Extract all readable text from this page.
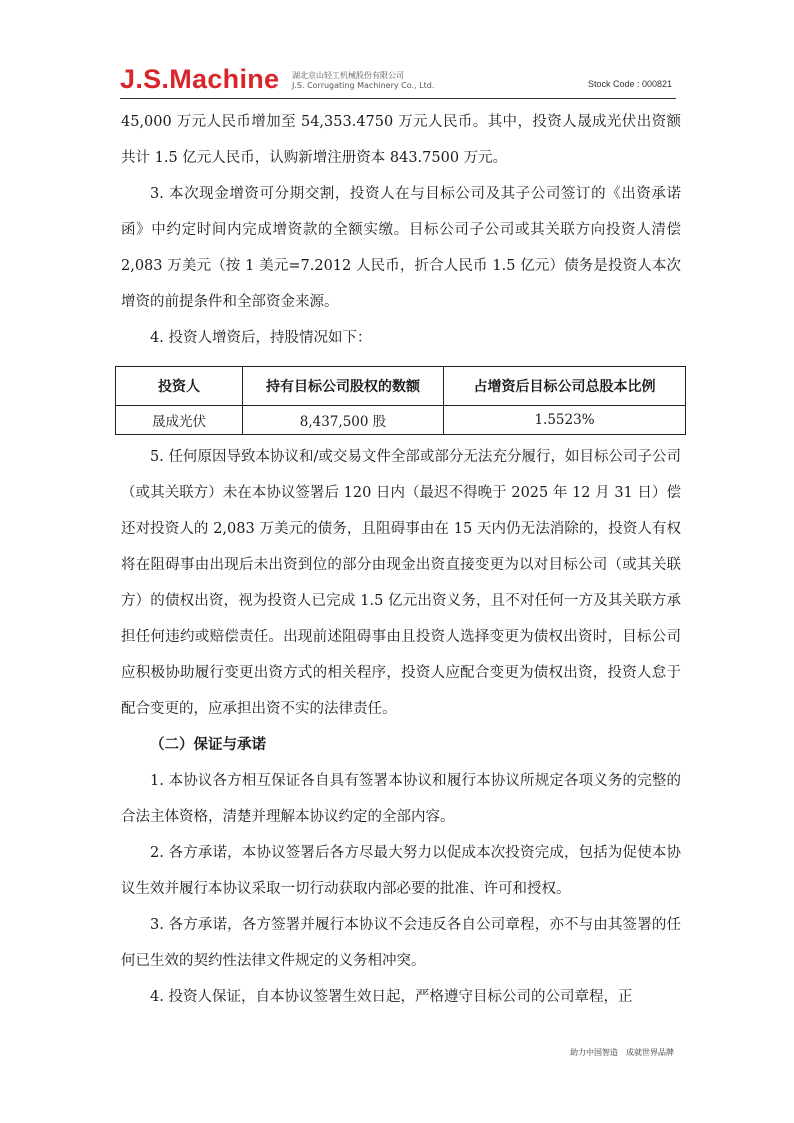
J.S.Machine 湖北京山轻工机械股份有限公司
J.S. Corrugating Machinery Co., Ltd.	Stock Code : 000821

45,000 万元人民币增加至 54,353.4750 万元人民币。其中，投资人晟成光伏出资额共计 1.5 亿元人民币，认购新增注册资本 843.7500 万元。

3. 本次现金增资可分期交割，投资人在与目标公司及其子公司签订的《出资承诺函》中约定时间内完成增资款的全额实缴。目标公司子公司或其关联方向投资人清偿 2,083 万美元（按 1 美元=7.2012 人民币，折合人民币 1.5 亿元）债务是投资人本次增资的前提条件和全部资金来源。

4. 投资人增资后，持股情况如下：

投资人	持有目标公司股权的数额	占增资后目标公司总股本比例
晟成光伏	8,437,500 股	1.5523%

5. 任何原因导致本协议和/或交易文件全部或部分无法充分履行，如目标公司子公司（或其关联方）未在本协议签署后 120 日内（最迟不得晚于 2025 年 12 月 31 日）偿还对投资人的 2,083 万美元的债务，且阻碍事由在 15 天内仍无法消除的，投资人有权将在阻碍事由出现后未出资到位的部分由现金出资直接变更为以对目标公司（或其关联方）的债权出资，视为投资人已完成 1.5 亿元出资义务，且不对任何一方及其关联方承担任何违约或赔偿责任。出现前述阻碍事由且投资人选择变更为债权出资时，目标公司应积极协助履行变更出资方式的相关程序，投资人应配合变更为债权出资，投资人怠于配合变更的，应承担出资不实的法律责任。

（二）保证与承诺

1. 本协议各方相互保证各自具有签署本协议和履行本协议所规定各项义务的完整的合法主体资格，清楚并理解本协议约定的全部内容。

2. 各方承诺，本协议签署后各方尽最大努力以促成本次投资完成，包括为促使本协议生效并履行本协议采取一切行动获取内部必要的批准、许可和授权。

3. 各方承诺，各方签署并履行本协议不会违反各自公司章程，亦不与由其签署的任何已生效的契约性法律文件规定的义务相冲突。

4. 投资人保证，自本协议签署生效日起，严格遵守目标公司的公司章程，正

助力中国智造　成就世界品牌
